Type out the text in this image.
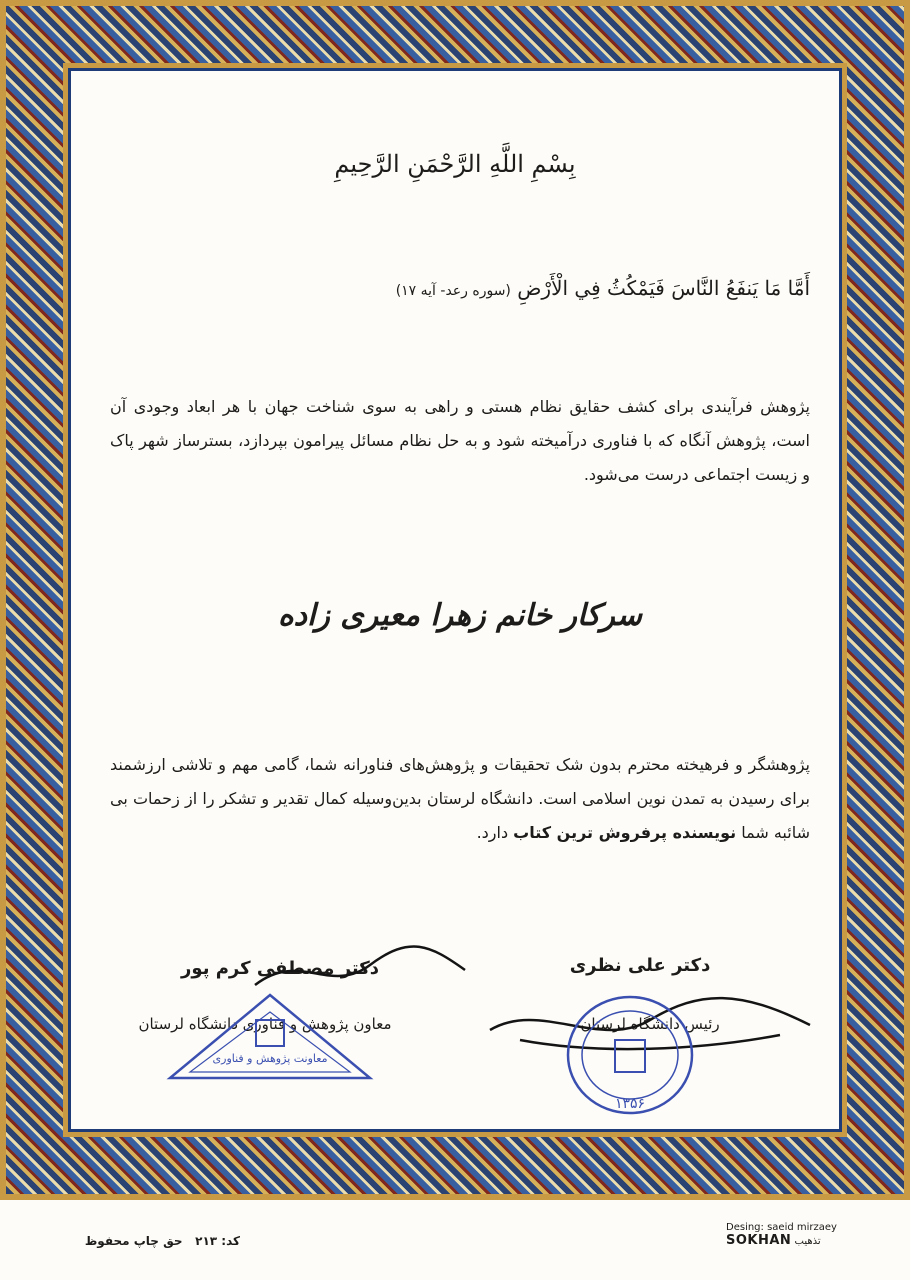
بِسْمِ اللَّهِ الرَّحْمَنِ الرَّحِيمِ
أَمَّا مَا يَنفَعُ النَّاسَ فَيَمْكُثُ فِي الْأَرْضِ (سوره رعد- آیه ۱۷)
پژوهش فرآیندی برای کشف حقایق نظام هستی و راهی به سوی شناخت جهان با هر ابعاد وجودی آن است، پژوهش آنگاه که با فناوری درآمیخته شود و به حل نظام مسائل پیرامون بپردازد، بسترساز شهر پاک و زیست اجتماعی درست می‌شود.
سرکار خانم زهرا معیری زاده
پژوهشگر و فرهیخته محترم بدون شک تحقیقات و پژوهش‌های فناورانه شما، گامی مهم و تلاشی ارزشمند برای رسیدن به تمدن نوین اسلامی است. دانشگاه لرستان بدین‌وسیله کمال تقدیر و تشکر را از زحمات بی شائبه شما نویسنده پرفروش ترین کتاب دارد.
دکتر علی نظری
رئیس دانشگاه لرستان
۱۳۵۶
دکتر مصطفی کرم پور
معاون پژوهش و فناوری دانشگاه لرستان
معاونت پژوهش و فناوری
کد: ۲۱۳   حق چاپ محفوظ
Desing: saeid mirzaey
SOKHAN تذهیب
